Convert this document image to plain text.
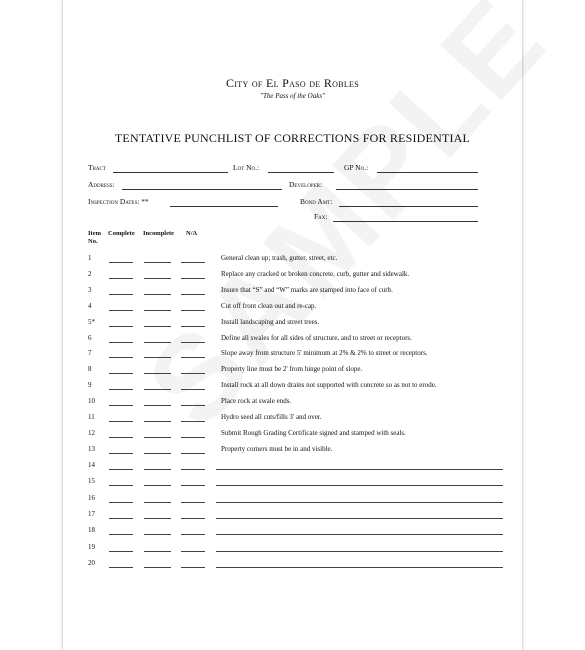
City of El Paso de Robles
"The Pass of the Oaks"
TENTATIVE PUNCHLIST OF CORRECTIONS FOR RESIDENTIAL
Tract	Lot No.:	GP No.:
Address:	Developer:
Inspection Dates: **	Bond Amt:
Fax:
Item No.
Complete Incomplete N/A
1	General clean up; trash, gutter, street, etc.
2	Replace any cracked or broken concrete, curb, gutter and sidewalk.
3	Insure that “S” and “W” marks are stamped into face of curb.
4	Cut off front clean out and re-cap.
5*	Install landscaping and street trees.
6	Define all swales for all sides of structure, and to street or receptors.
7	Slope away from structure 5' minimum at 2% & 2% to street or receptors.
8	Property line must be 2' from hinge point of slope.
9	Install rock at all down drains not supported with concrete so as not to erode.
10	Place rock at swale ends.
11	Hydro seed all cuts/fills 3' and over.
12	Submit Rough Grading Certificate signed and stamped with seals.
13	Property corners must be in and visible.
14
15
16
17
18
19
20
